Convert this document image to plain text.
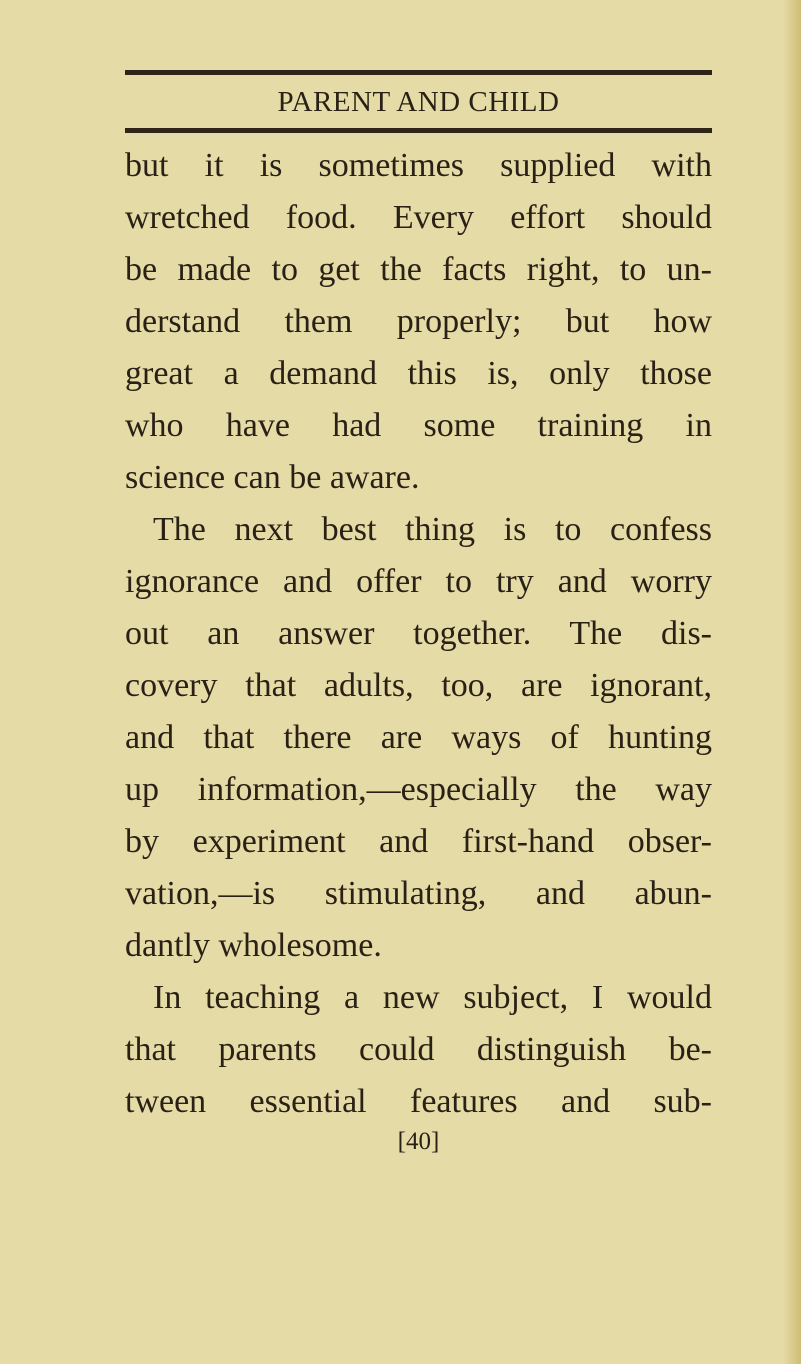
PARENT AND CHILD
but it is sometimes supplied with
wretched food. Every effort should
be made to get the facts right, to un-
derstand them properly; but how
great a demand this is, only those
who have had some training in
science can be aware.
The next best thing is to confess
ignorance and offer to try and worry
out an answer together. The dis-
covery that adults, too, are ignorant,
and that there are ways of hunting
up information,—especially the way
by experiment and first-hand obser-
vation,—is stimulating, and abun-
dantly wholesome.
In teaching a new subject, I would
that parents could distinguish be-
tween essential features and sub-
[40]
